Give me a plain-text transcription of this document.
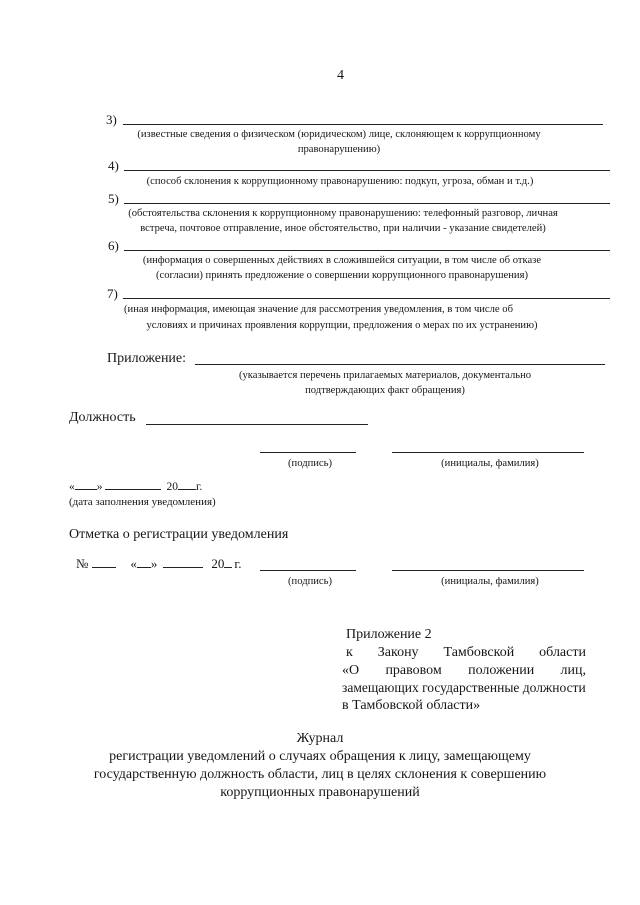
4
3)
(известные сведения о физическом (юридическом) лице, склоняющем к коррупционному
правонарушению)
4)
(способ склонения к коррупционному правонарушению: подкуп, угроза, обман и т.д.)
5)
(обстоятельства склонения к коррупционному правонарушению: телефонный разговор, личная
встреча, почтовое отправление, иное обстоятельство, при наличии - указание свидетелей)
6)
(информация о совершенных действиях в сложившейся ситуации, в том числе об отказе
(согласии) принять предложение о совершении коррупционного правонарушения)
7)
(иная информация, имеющая значение для рассмотрения уведомления, в том числе об
условиях и причинах проявления коррупции, предложения о мерах по их устранению)
Приложение:
(указывается перечень прилагаемых материалов, документально
подтверждающих факт обращения)
Должность
(подпись)	(инициалы, фамилия)
« »	20 г.
(дата заполнения уведомления)
Отметка о регистрации уведомления
№	« »	20 г.
(подпись)	(инициалы, фамилия)
Приложение 2
к Закону Тамбовской области
«О правовом положении лиц,
замещающих государственные должности
в Тамбовской области»
Журнал
регистрации уведомлений о случаях обращения к лицу, замещающему
государственную должность области, лиц в целях склонения к совершению
коррупционных правонарушений
